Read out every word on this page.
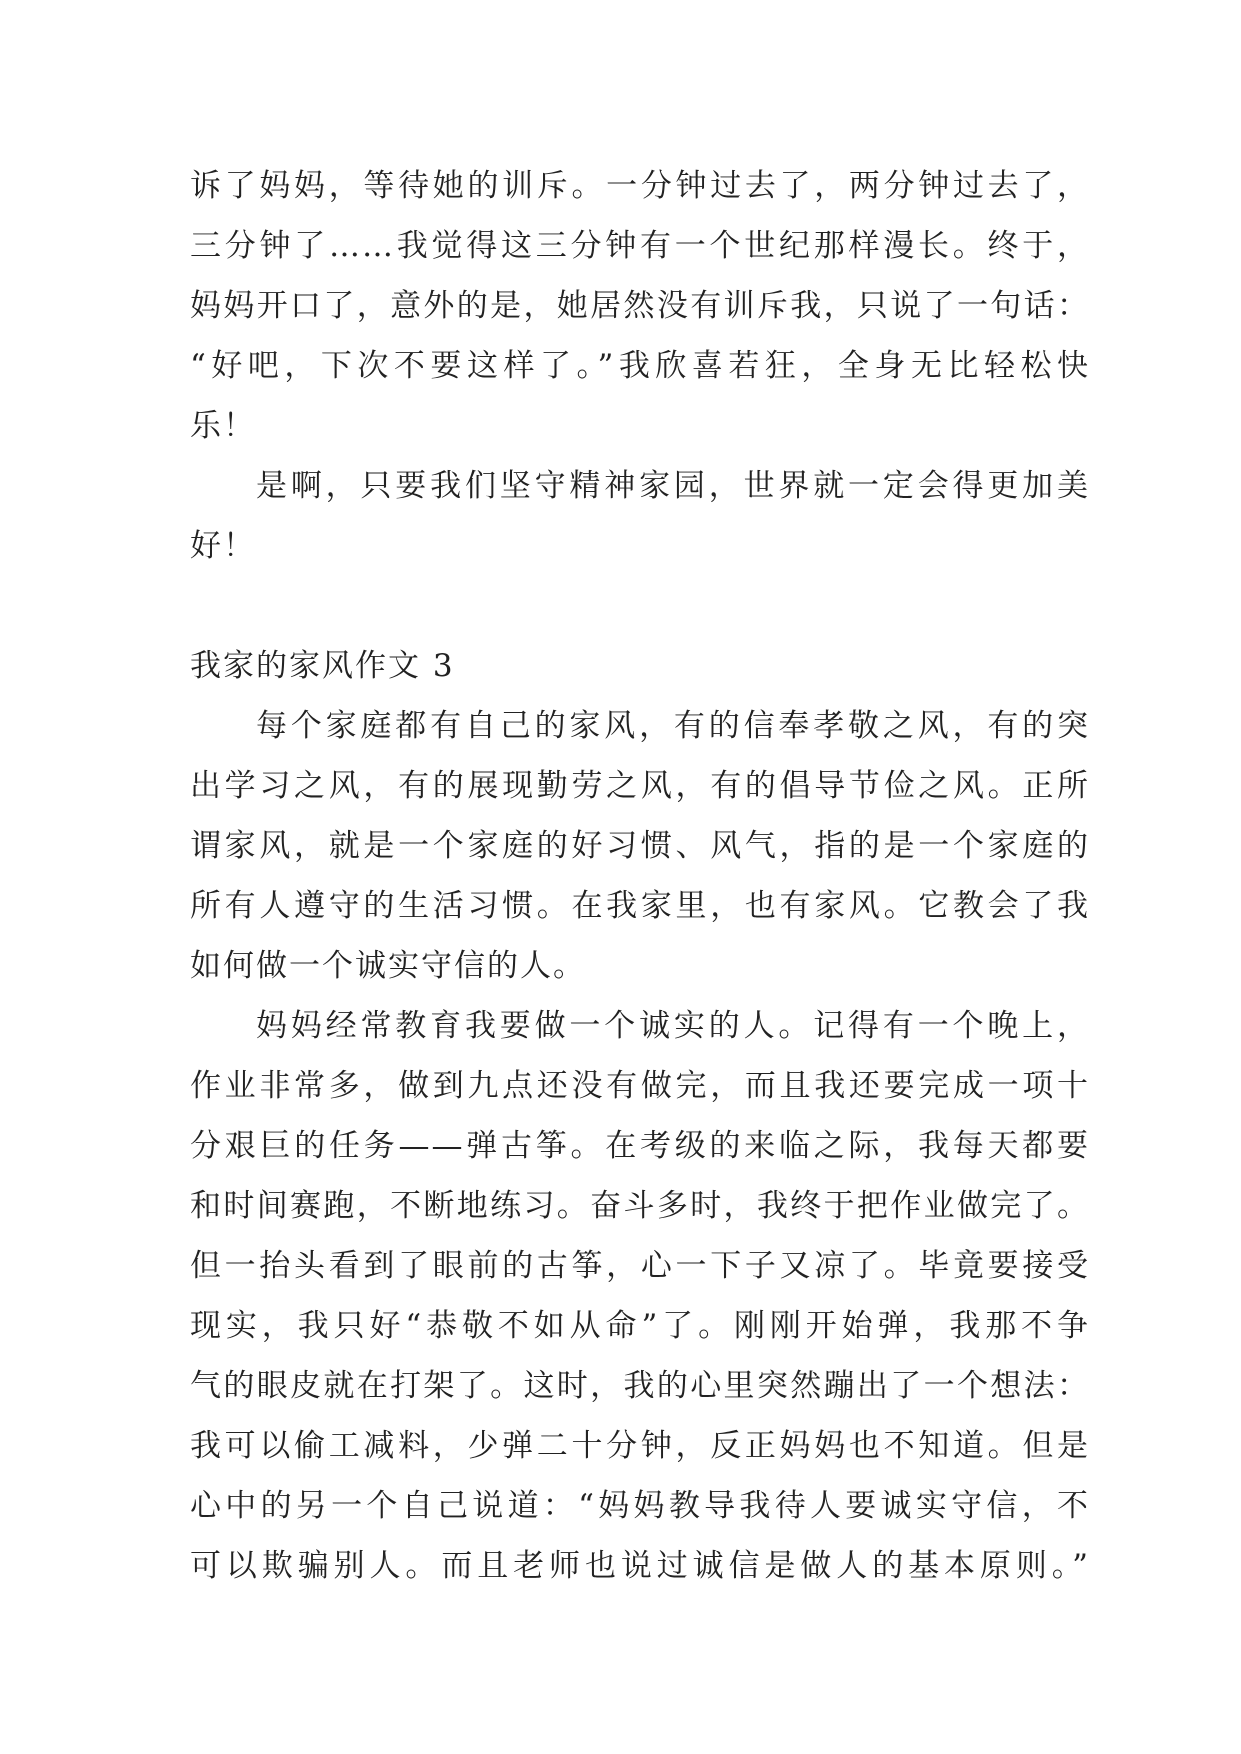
诉了妈妈，等待她的训斥。一分钟过去了，两分钟过去了，
三分钟了……我觉得这三分钟有一个世纪那样漫长。终于，
妈妈开口了，意外的是，她居然没有训斥我，只说了一句话：
“好吧，下次不要这样了。”我欣喜若狂，全身无比轻松快
乐！
是啊，只要我们坚守精神家园，世界就一定会得更加美
好！
我家的家风作文 3
每个家庭都有自己的家风，有的信奉孝敬之风，有的突
出学习之风，有的展现勤劳之风，有的倡导节俭之风。正所
谓家风，就是一个家庭的好习惯、风气，指的是一个家庭的
所有人遵守的生活习惯。在我家里，也有家风。它教会了我
如何做一个诚实守信的人。
妈妈经常教育我要做一个诚实的人。记得有一个晚上，
作业非常多，做到九点还没有做完，而且我还要完成一项十
分艰巨的任务——弹古筝。在考级的来临之际，我每天都要
和时间赛跑，不断地练习。奋斗多时，我终于把作业做完了。
但一抬头看到了眼前的古筝，心一下子又凉了。毕竟要接受
现实，我只好“恭敬不如从命”了。刚刚开始弹，我那不争
气的眼皮就在打架了。这时，我的心里突然蹦出了一个想法：
我可以偷工减料，少弹二十分钟，反正妈妈也不知道。但是
心中的另一个自己说道：“妈妈教导我待人要诚实守信，不
可以欺骗别人。而且老师也说过诚信是做人的基本原则。”
